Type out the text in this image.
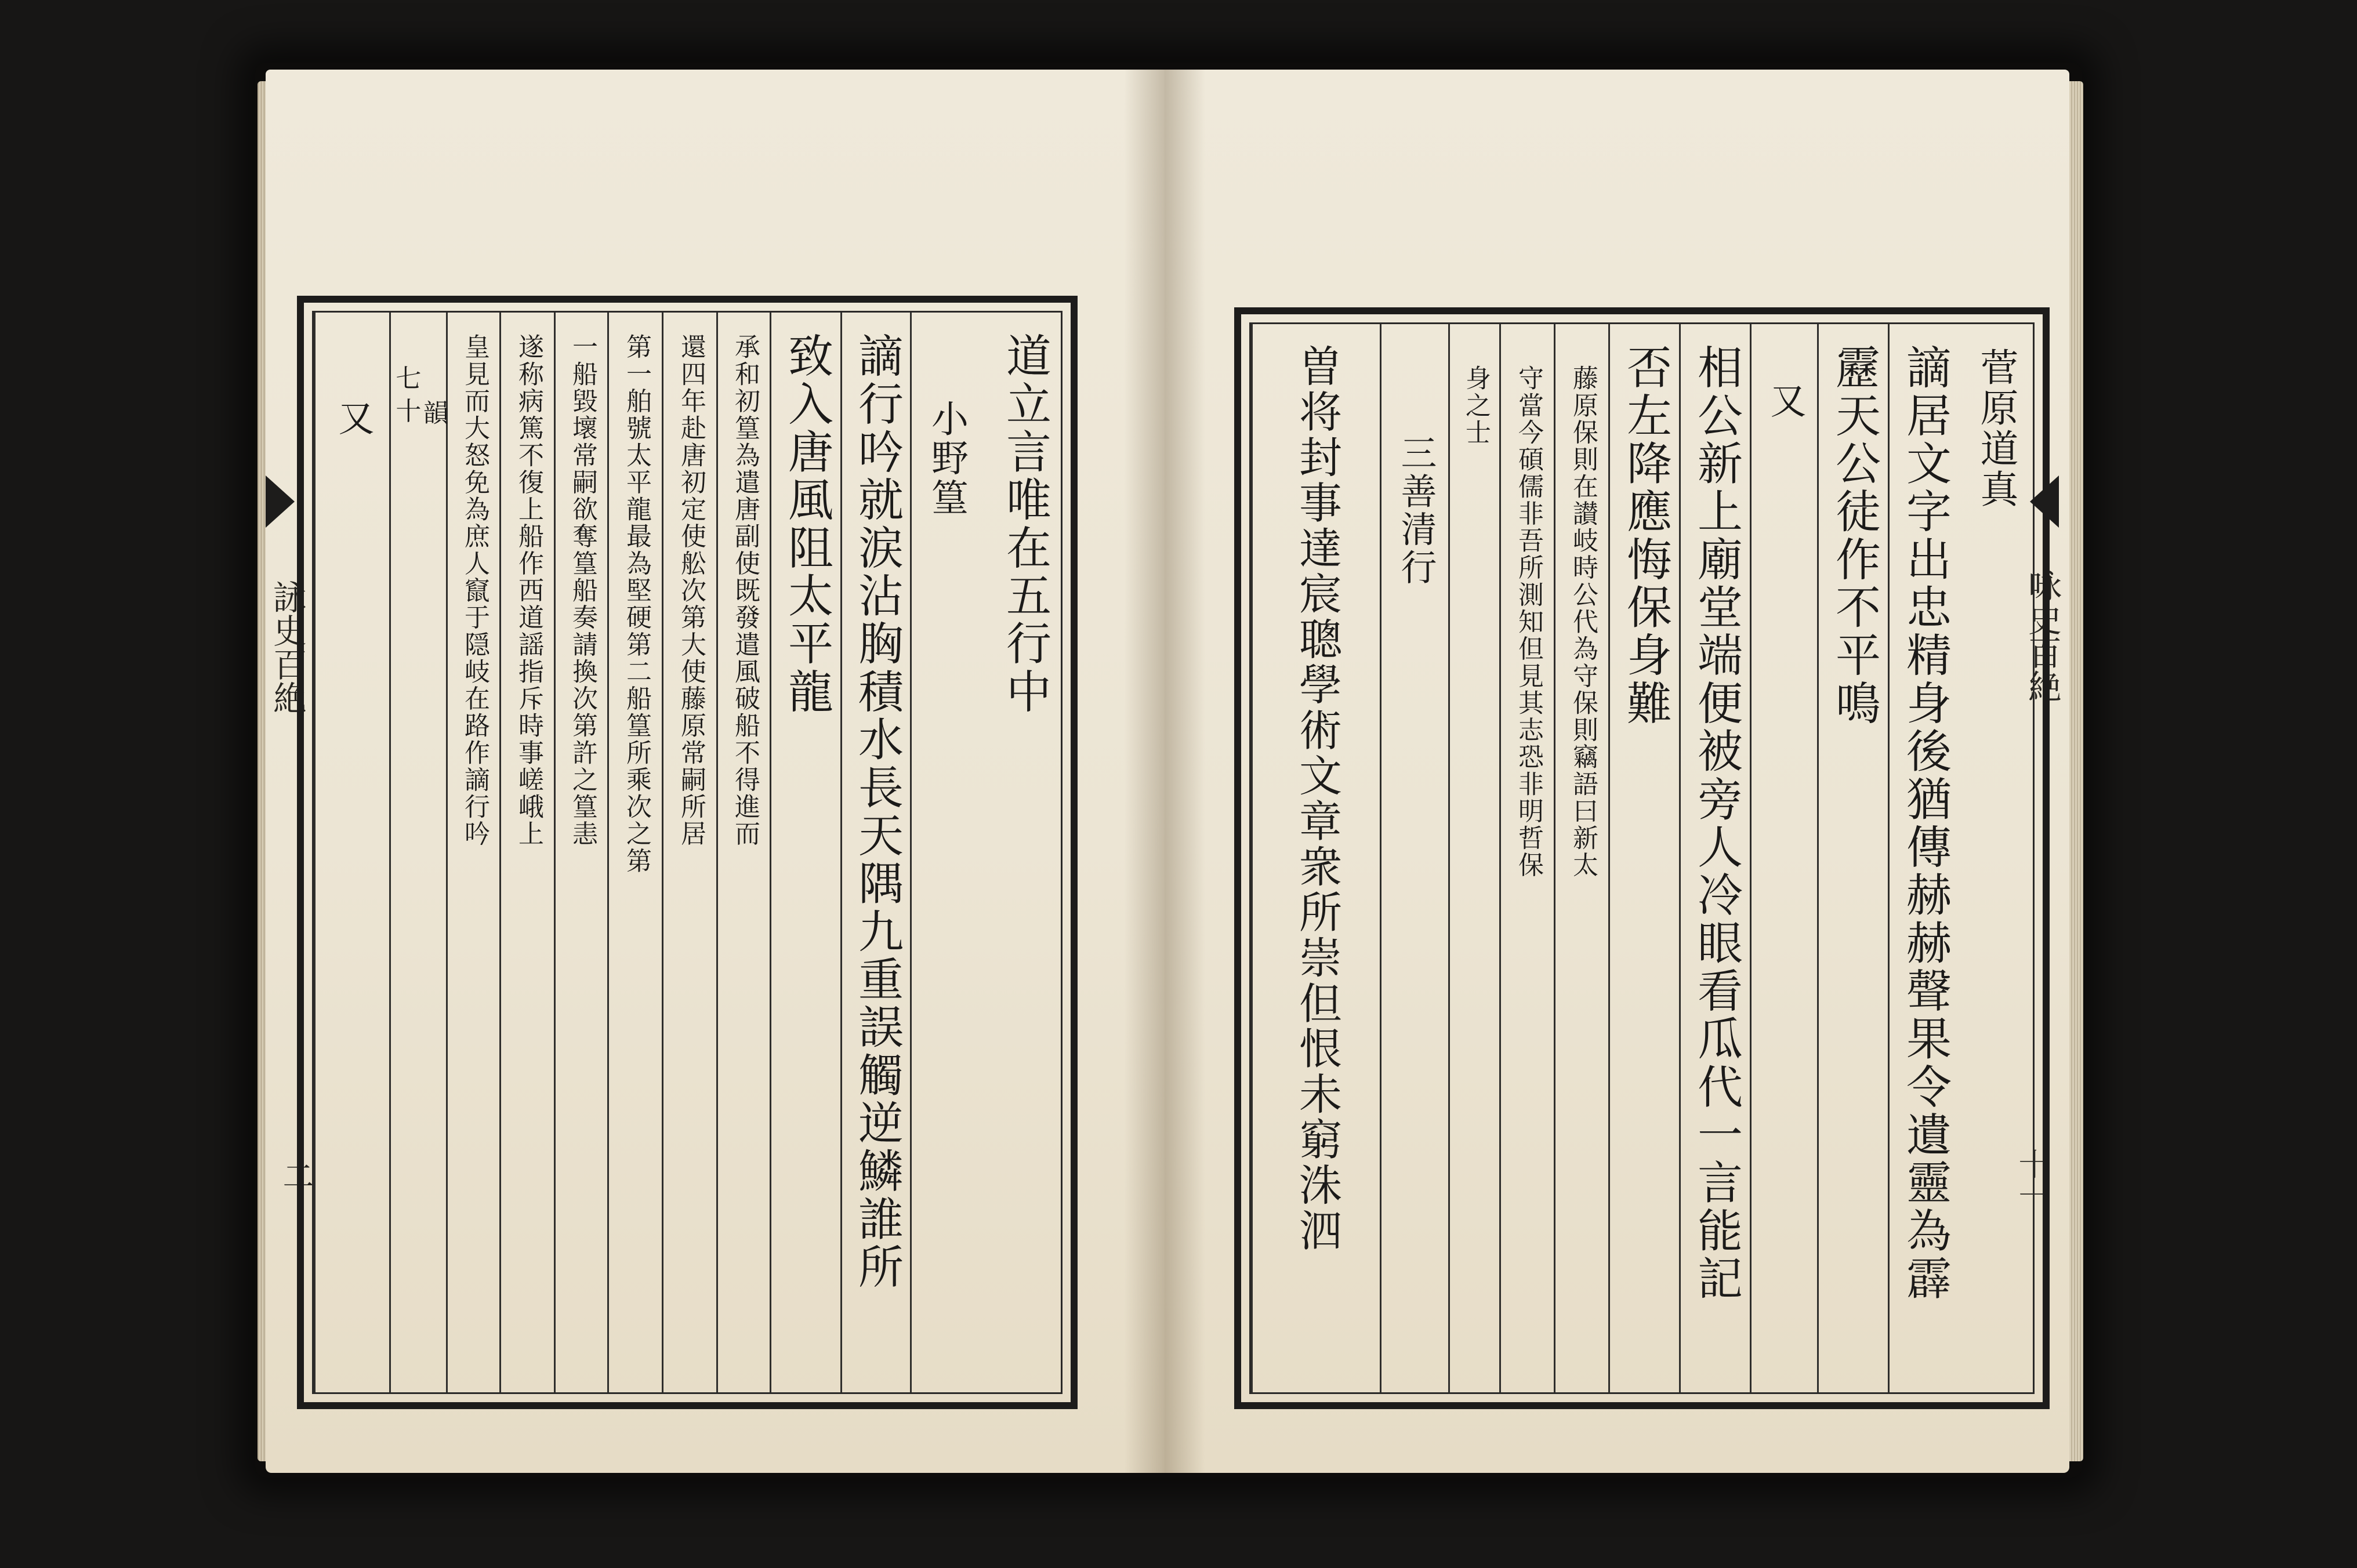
詠史百絶
二
咏史百絶
十一
道立言唯在五行中
小野篁
謫行吟就涙沾胸積水長天隅九重誤觸逆鱗誰所
致入唐風阻太平龍
承和初篁為遣唐副使既發遣風破船不得進而
還四年赴唐初定使舩次第大使藤原常嗣所居
第一舶號太平龍最為堅硬第二船篁所乘次之第
一船毀壞常嗣欲奪篁船奏請換次第許之篁恚
遂称病篤不復上船作西道謡指斥時事嵯峨上
皇見而大怒免為庶人竄于隠岐在路作謫行吟
七十
韻
又	菅原道真
謫居文字出忠精身後猶傳赫赫聲果令遺靈為霹
靂天公徒作不平鳴
又
相公新上廟堂端便被旁人冷眼看瓜代一言能記
否左降應悔保身難
藤原保則在讃岐時公代為守保則竊語曰新太
守當今碩儒非吾所測知但見其志恐非明哲保
身之士
三善清行
曽将封事達宸聰學術文章衆所崇但恨未窮洙泗
